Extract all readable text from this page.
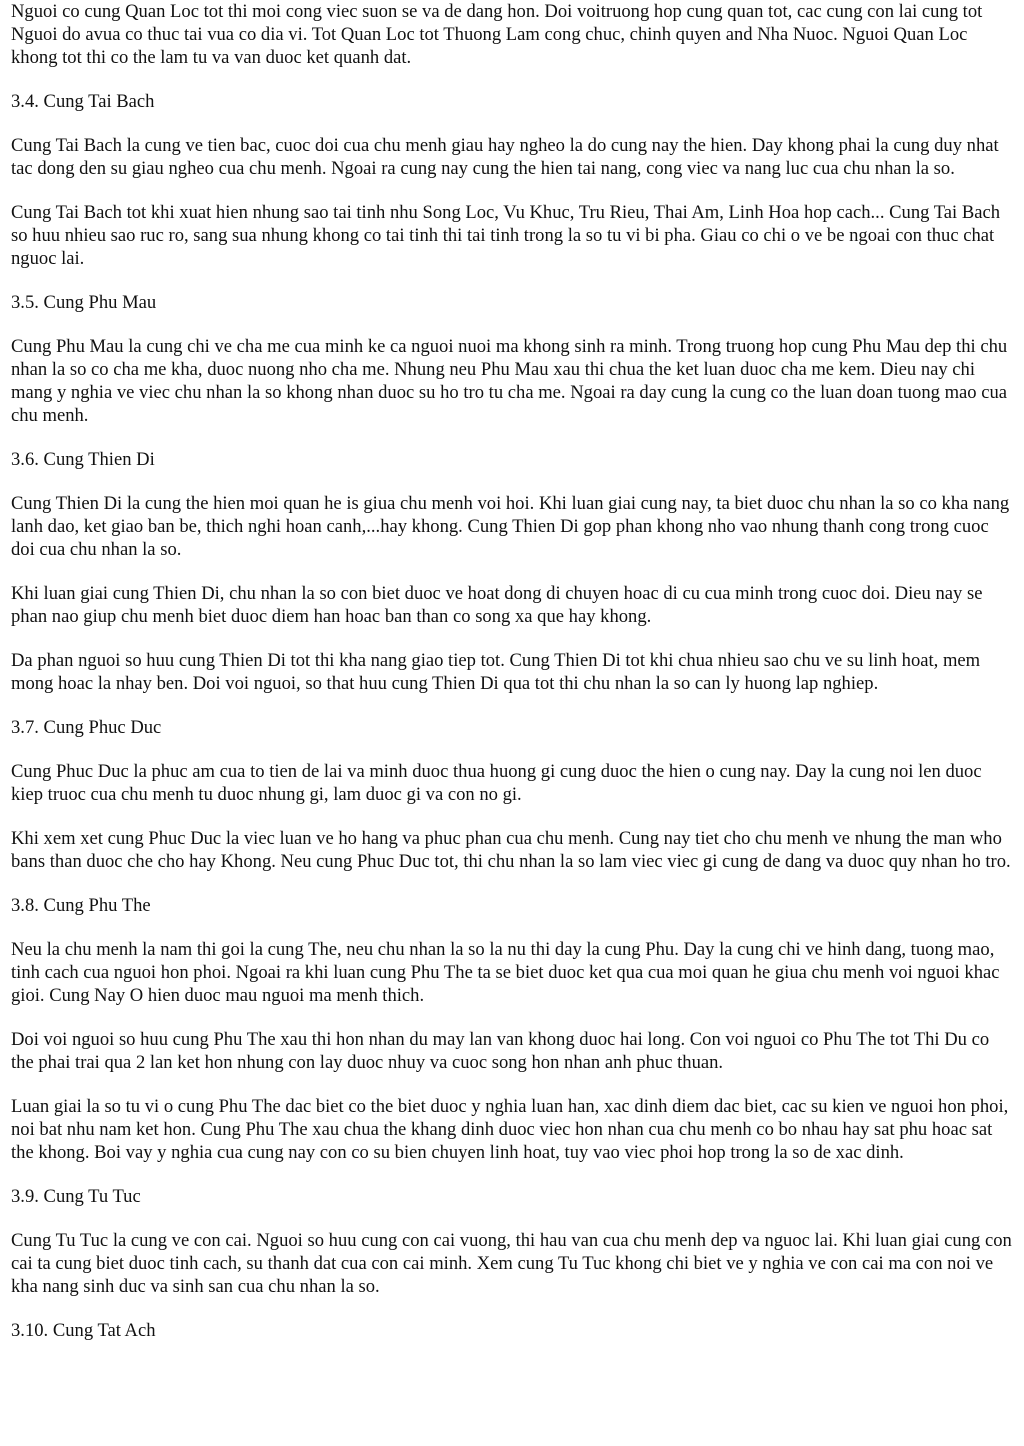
Nguoi co cung Quan Loc tot thi moi cong viec suon se va de dang hon. Doi voitruong hop cung quan tot, cac cung con lai cung tot Nguoi do avua co thuc tai vua co dia vi. Tot Quan Loc tot Thuong Lam cong chuc, chinh quyen and Nha Nuoc. Nguoi Quan Loc khong tot thi co the lam tu va van duoc ket quanh dat.

3.4. Cung Tai Bach

Cung Tai Bach la cung ve tien bac, cuoc doi cua chu menh giau hay ngheo la do cung nay the hien. Day khong phai la cung duy nhat tac dong den su giau ngheo cua chu menh. Ngoai ra cung nay cung the hien tai nang, cong viec va nang luc cua chu nhan la so.

Cung Tai Bach tot khi xuat hien nhung sao tai tinh nhu Song Loc, Vu Khuc, Tru Rieu, Thai Am, Linh Hoa hop cach... Cung Tai Bach so huu nhieu sao ruc ro, sang sua nhung khong co tai tinh thi tai tinh trong la so tu vi bi pha. Giau co chi o ve be ngoai con thuc chat nguoc lai.

3.5. Cung Phu Mau

Cung Phu Mau la cung chi ve cha me cua minh ke ca nguoi nuoi ma khong sinh ra minh. Trong truong hop cung Phu Mau dep thi chu nhan la so co cha me kha, duoc nuong nho cha me. Nhung neu Phu Mau xau thi chua the ket luan duoc cha me kem. Dieu nay chi mang y nghia ve viec chu nhan la so khong nhan duoc su ho tro tu cha me. Ngoai ra day cung la cung co the luan doan tuong mao cua chu menh.

3.6. Cung Thien Di

Cung Thien Di la cung the hien moi quan he is giua chu menh voi hoi. Khi luan giai cung nay, ta biet duoc chu nhan la so co kha nang lanh dao, ket giao ban be, thich nghi hoan canh,...hay khong. Cung Thien Di gop phan khong nho vao nhung thanh cong trong cuoc doi cua chu nhan la so.

Khi luan giai cung Thien Di, chu nhan la so con biet duoc ve hoat dong di chuyen hoac di cu cua minh trong cuoc doi. Dieu nay se phan nao giup chu menh biet duoc diem han hoac ban than co song xa que hay khong.

Da phan nguoi so huu cung Thien Di tot thi kha nang giao tiep tot. Cung Thien Di tot khi chua nhieu sao chu ve su linh hoat, mem mong hoac la nhay ben. Doi voi nguoi, so that huu cung Thien Di qua tot thi chu nhan la so can ly huong lap nghiep.

3.7. Cung Phuc Duc

Cung Phuc Duc la phuc am cua to tien de lai va minh duoc thua huong gi cung duoc the hien o cung nay. Day la cung noi len duoc kiep truoc cua chu menh tu duoc nhung gi, lam duoc gi va con no gi.

Khi xem xet cung Phuc Duc la viec luan ve ho hang va phuc phan cua chu menh. Cung nay tiet cho chu menh ve nhung the man who bans than duoc che cho hay Khong. Neu cung Phuc Duc tot, thi chu nhan la so lam viec viec gi cung de dang va duoc quy nhan ho tro.

3.8. Cung Phu The

Neu la chu menh la nam thi goi la cung The, neu chu nhan la so la nu thi day la cung Phu. Day la cung chi ve hinh dang, tuong mao, tinh cach cua nguoi hon phoi. Ngoai ra khi luan cung Phu The ta se biet duoc ket qua cua moi quan he giua chu menh voi nguoi khac gioi. Cung Nay O hien duoc mau nguoi ma menh thich.

Doi voi nguoi so huu cung Phu The xau thi hon nhan du may lan van khong duoc hai long. Con voi nguoi co Phu The tot Thi Du co the phai trai qua 2 lan ket hon nhung con lay duoc nhuy va cuoc song hon nhan anh phuc thuan.

Luan giai la so tu vi o cung Phu The dac biet co the biet duoc y nghia luan han, xac dinh diem dac biet, cac su kien ve nguoi hon phoi, noi bat nhu nam ket hon. Cung Phu The xau chua the khang dinh duoc viec hon nhan cua chu menh co bo nhau hay sat phu hoac sat the khong. Boi vay y nghia cua cung nay con co su bien chuyen linh hoat, tuy vao viec phoi hop trong la so de xac dinh.

3.9. Cung Tu Tuc

Cung Tu Tuc la cung ve con cai. Nguoi so huu cung con cai vuong, thi hau van cua chu menh dep va nguoc lai. Khi luan giai cung con cai ta cung biet duoc tinh cach, su thanh dat cua con cai minh. Xem cung Tu Tuc khong chi biet ve y nghia ve con cai ma con noi ve kha nang sinh duc va sinh san cua chu nhan la so.

3.10. Cung Tat Ach
